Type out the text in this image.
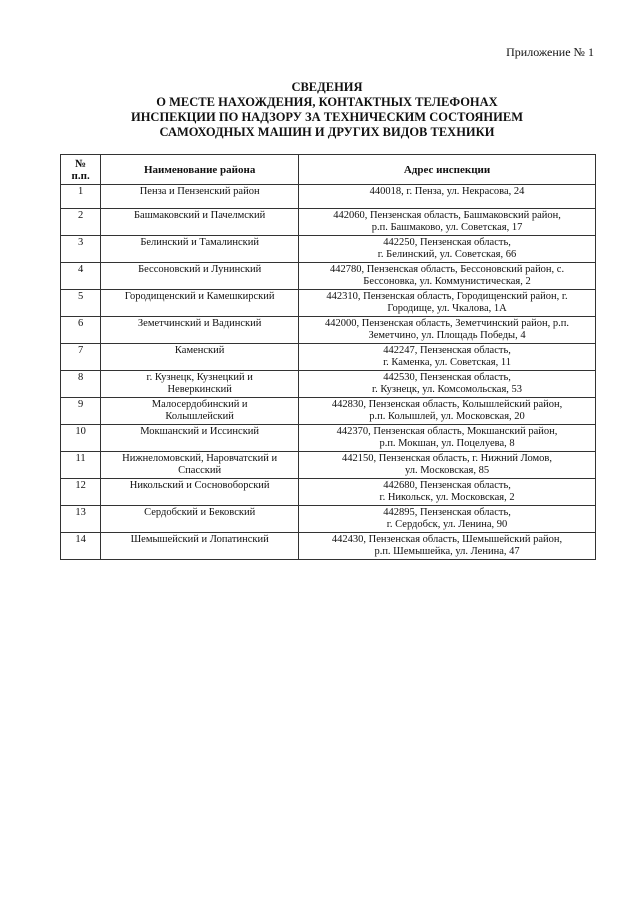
Приложение № 1
СВЕДЕНИЯ
О МЕСТЕ НАХОЖДЕНИЯ, КОНТАКТНЫХ ТЕЛЕФОНАХ
ИНСПЕКЦИИ ПО НАДЗОРУ ЗА ТЕХНИЧЕСКИМ СОСТОЯНИЕМ
САМОХОДНЫХ МАШИН И ДРУГИХ ВИДОВ ТЕХНИКИ
№
п.п.	Наименование района	Адрес инспекции
1	Пенза и Пензенский район	440018, г. Пенза, ул. Некрасова, 24

2	Башмаковский и Пачелмский	442060, Пензенская область, Башмаковский район,
р.п. Башмаково, ул. Советская, 17

3	Белинский и Тамалинский	442250, Пензенская область,
г. Белинский, ул. Советская, 66

4	Бессоновский и Лунинский	442780, Пензенская область, Бессоновский район, с.
Бессоновка, ул. Коммунистическая, 2

5	Городищенский и Камешкирский	442310, Пензенская область, Городищенский район, г.
Городище, ул. Чкалова, 1А

6	Земетчинский и Вадинский	442000, Пензенская область, Земетчинский район, р.п.
Земетчино, ул. Площадь Победы, 4

7	Каменский	442247, Пензенская область,
г. Каменка, ул. Советская, 11

8	г. Кузнецк, Кузнецкий и
Неверкинский	442530, Пензенская область,
г. Кузнецк, ул. Комсомольская, 53

9	Малосердобинский и
Колышлейский	442830, Пензенская область, Колышлейский район,
р.п. Колышлей, ул. Московская, 20

10	Мокшанский и Иссинский	442370, Пензенская область, Мокшанский район,
р.п. Мокшан, ул. Поцелуева, 8

11	Нижнеломовский, Наровчатский и
Спасский	442150, Пензенская область, г. Нижний Ломов,
ул. Московская, 85

12	Никольский и Сосновоборский	442680, Пензенская область,
г. Никольск, ул. Московская, 2

13	Сердобский и Бековский	442895, Пензенская область,
г. Сердобск, ул. Ленина, 90

14	Шемышейский и Лопатинский	442430, Пензенская область, Шемышейский район,
р.п. Шемышейка, ул. Ленина, 47
